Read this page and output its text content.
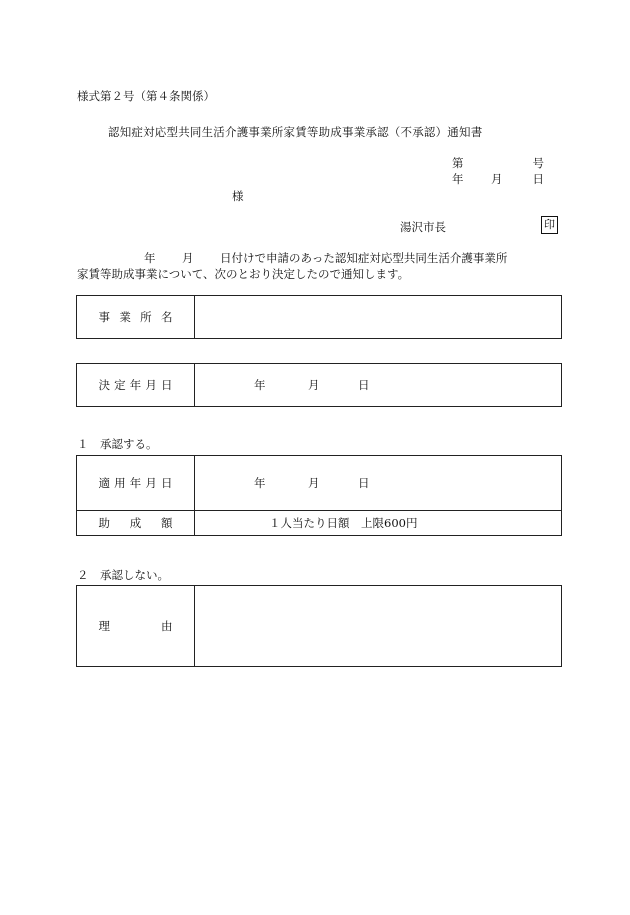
様式第２号（第４条関係）
認知症対応型共同生活介護事業所家賃等助成事業承認（不承認）通知書
第	号
年 月	日
様
湯沢市長	印
年 月 日付けで申請のあった認知症対応型共同生活介護事業所
家賃等助成事業について、次のとおり決定したので通知します。
事業所名	
決定年月日	年	月	日
１　承認する。
適用年月日	年 月 日

助成額	１人当たり日額　上限600円
２　承認しない。
理由	
